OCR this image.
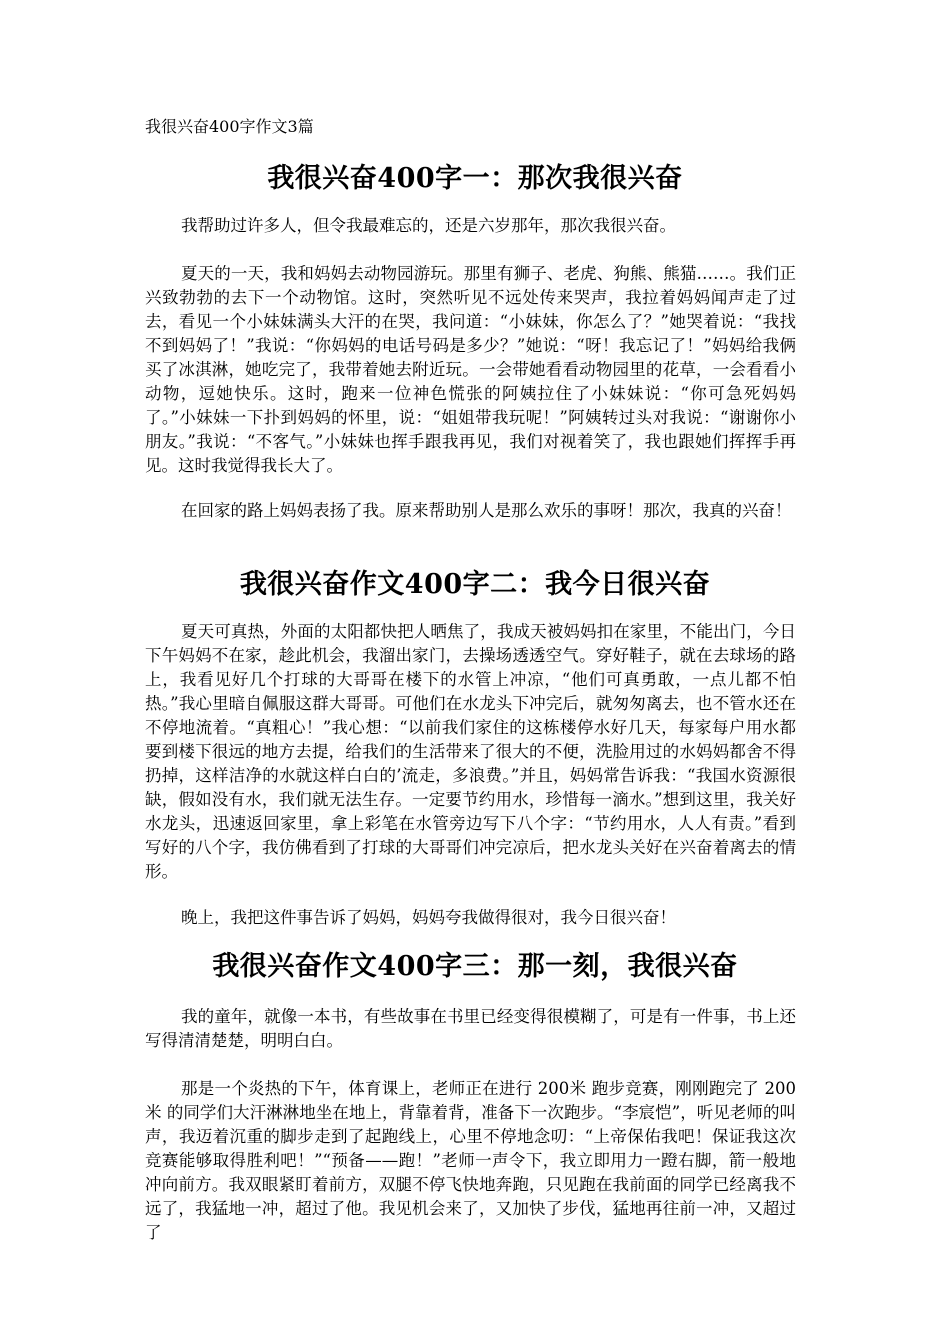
我很兴奋400字作文3篇
我很兴奋400字一：那次我很兴奋

我帮助过许多人，但令我最难忘的，还是六岁那年，那次我很兴奋。

夏天的一天，我和妈妈去动物园游玩。那里有狮子、老虎、狗熊、熊猫……。我们正兴致勃勃的去下一个动物馆。这时，突然听见不远处传来哭声，我拉着妈妈闻声走了过去，看见一个小妹妹满头大汗的在哭，我问道：“小妹妹，你怎么了？”她哭着说：“我找不到妈妈了！”我说：“你妈妈的电话号码是多少？”她说：“呀！我忘记了！”妈妈给我俩买了冰淇淋，她吃完了，我带着她去附近玩。一会带她看看动物园里的花草，一会看看小动物，逗她快乐。这时，跑来一位神色慌张的阿姨拉住了小妹妹说：“你可急死妈妈了。”小妹妹一下扑到妈妈的怀里，说：“姐姐带我玩呢！”阿姨转过头对我说：“谢谢你小朋友。”我说：“不客气。”小妹妹也挥手跟我再见，我们对视着笑了，我也跟她们挥挥手再见。这时我觉得我长大了。

在回家的路上妈妈表扬了我。原来帮助别人是那么欢乐的事呀！那次，我真的兴奋！

我很兴奋作文400字二：我今日很兴奋

夏天可真热，外面的太阳都快把人晒焦了，我成天被妈妈扣在家里，不能出门，今日下午妈妈不在家，趁此机会，我溜出家门，去操场透透空气。穿好鞋子，就在去球场的路上，我看见好几个打球的大哥哥在楼下的水管上冲凉，“他们可真勇敢，一点儿都不怕热。”我心里暗自佩服这群大哥哥。可他们在水龙头下冲完后，就匆匆离去，也不管水还在不停地流着。“真粗心！”我心想：“以前我们家住的这栋楼停水好几天，每家每户用水都要到楼下很远的地方去提，给我们的生活带来了很大的不便，洗脸用过的水妈妈都舍不得扔掉，这样洁净的水就这样白白的’流走，多浪费。”并且，妈妈常告诉我：“我国水资源很缺，假如没有水，我们就无法生存。一定要节约用水，珍惜每一滴水。”想到这里，我关好水龙头，迅速返回家里，拿上彩笔在水管旁边写下八个字：“节约用水，人人有责。”看到写好的八个字，我仿佛看到了打球的大哥哥们冲完凉后，把水龙头关好在兴奋着离去的情形。

晚上，我把这件事告诉了妈妈，妈妈夸我做得很对，我今日很兴奋！

我很兴奋作文400字三：那一刻，我很兴奋

我的童年，就像一本书，有些故事在书里已经变得很模糊了，可是有一件事，书上还写得清清楚楚，明明白白。

那是一个炎热的下午，体育课上，老师正在进行 200米 跑步竞赛，刚刚跑完了 200米 的同学们大汗淋淋地坐在地上，背靠着背，准备下一次跑步。“李宸恺”，听见老师的叫声，我迈着沉重的脚步走到了起跑线上，心里不停地念叨：“上帝保佑我吧！保证我这次竞赛能够取得胜利吧！”“预备——跑！”老师一声令下，我立即用力一蹬右脚，箭一般地冲向前方。我双眼紧盯着前方，双腿不停飞快地奔跑，只见跑在我前面的同学已经离我不远了，我猛地一冲，超过了他。我见机会来了，又加快了步伐，猛地再往前一冲，又超过了
